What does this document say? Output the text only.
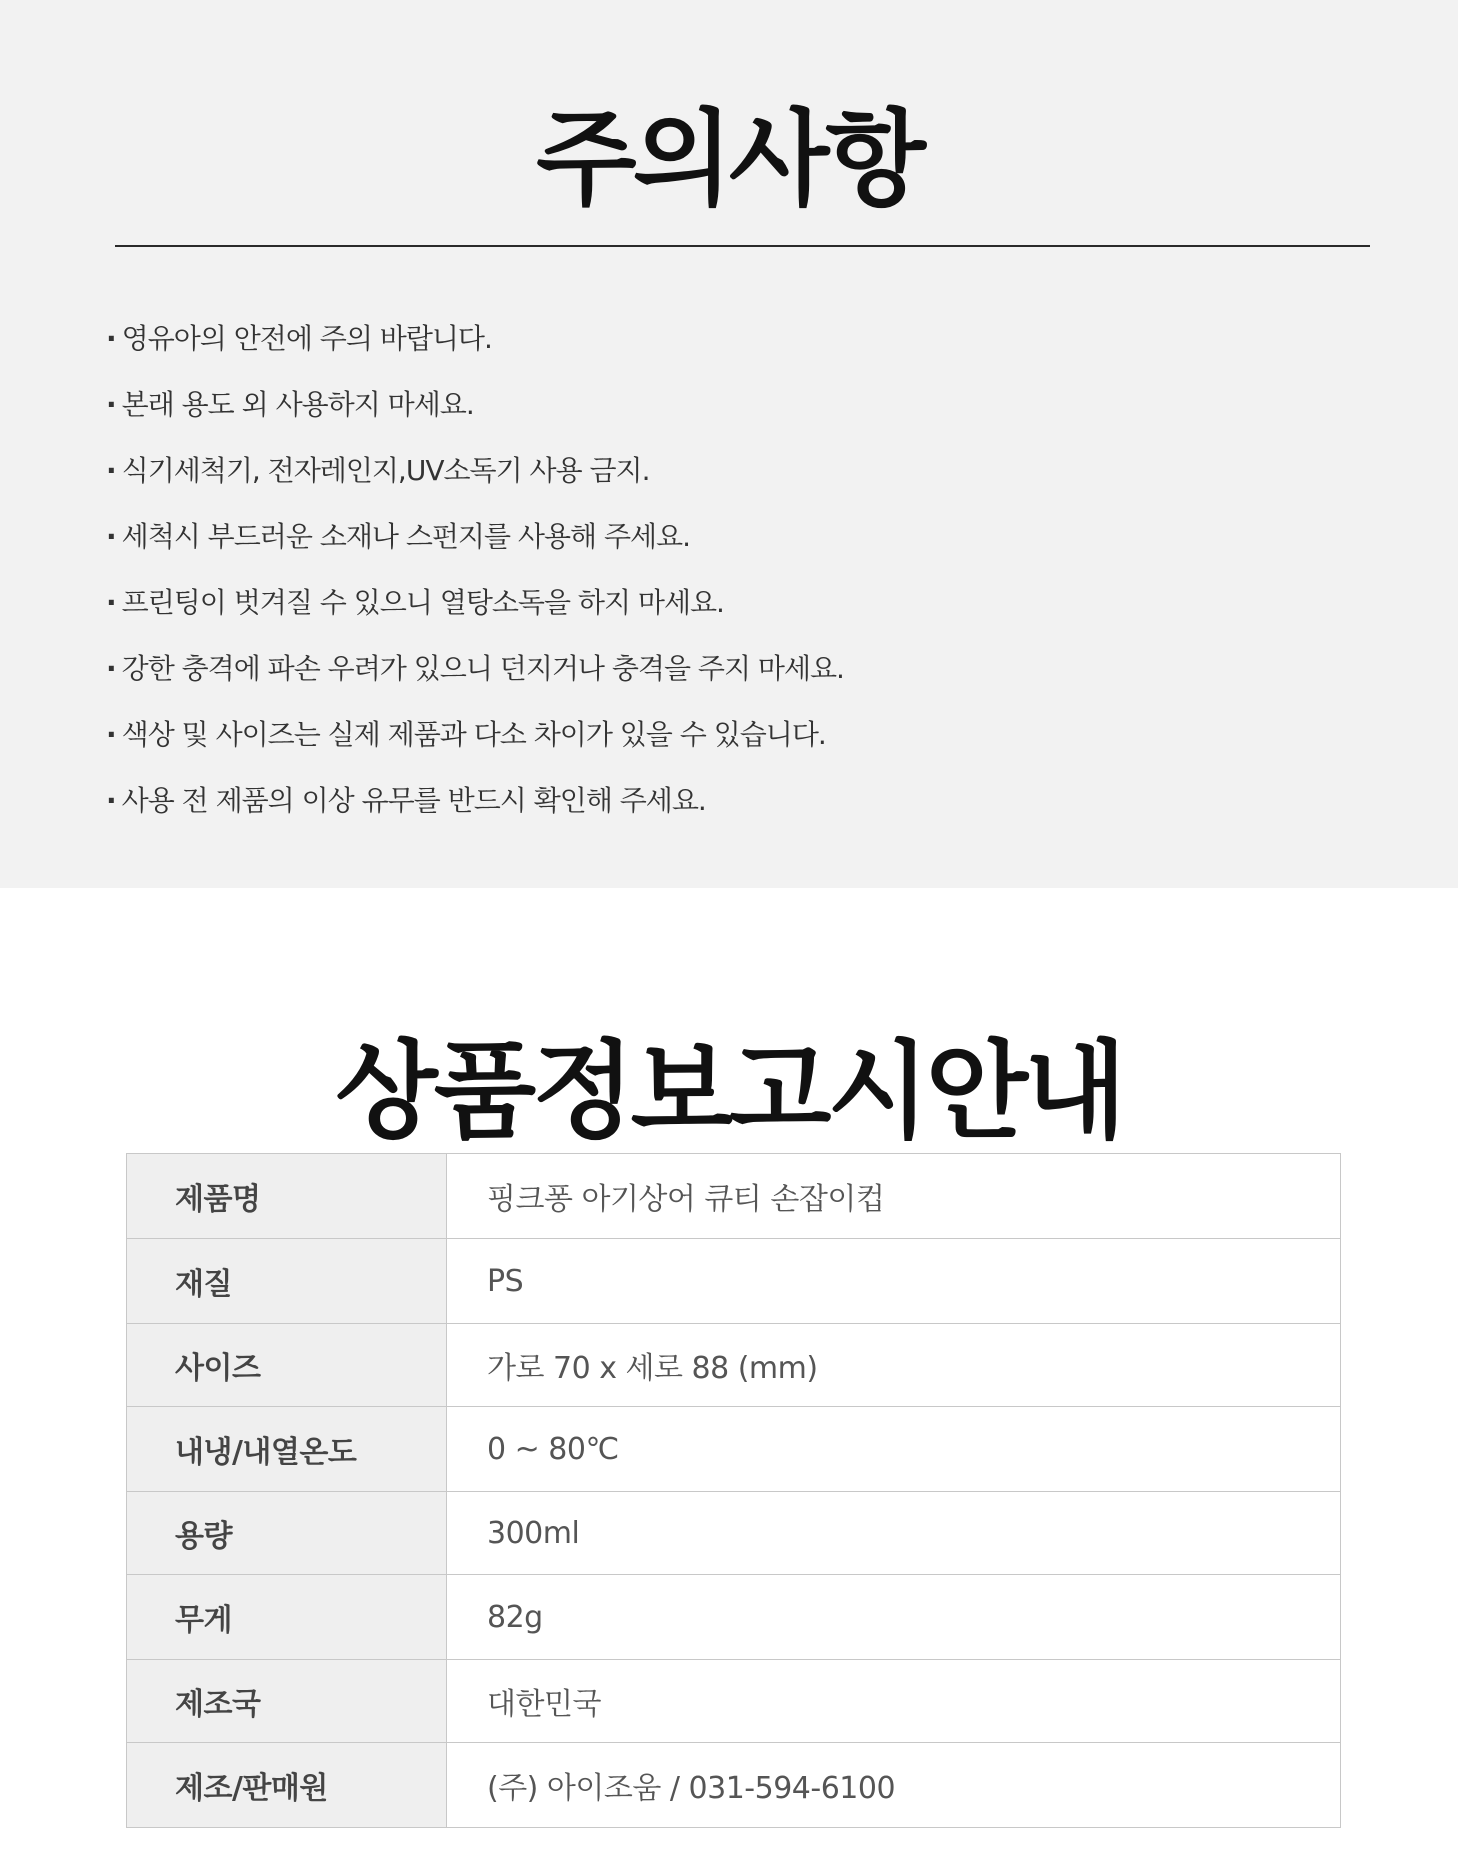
주의사항
· 영유아의 안전에 주의 바랍니다.
· 본래 용도 외 사용하지 마세요.
· 식기세척기, 전자레인지,UV소독기 사용 금지.
· 세척시 부드러운 소재나 스펀지를 사용해 주세요.
· 프린팅이 벗겨질 수 있으니 열탕소독을 하지 마세요.
· 강한 충격에 파손 우려가 있으니 던지거나 충격을 주지 마세요.
· 색상 및 사이즈는 실제 제품과 다소 차이가 있을 수 있습니다.
· 사용 전 제품의 이상 유무를 반드시 확인해 주세요.
상품정보고시안내
제품명	핑크퐁 아기상어 큐티 손잡이컵
재질	PS
사이즈	가로 70 x 세로 88 (mm)
내냉/내열온도	0 ~ 80℃
용량	300ml
무게	82g
제조국	대한민국
제조/판매원	(주) 아이조움 / 031-594-6100
